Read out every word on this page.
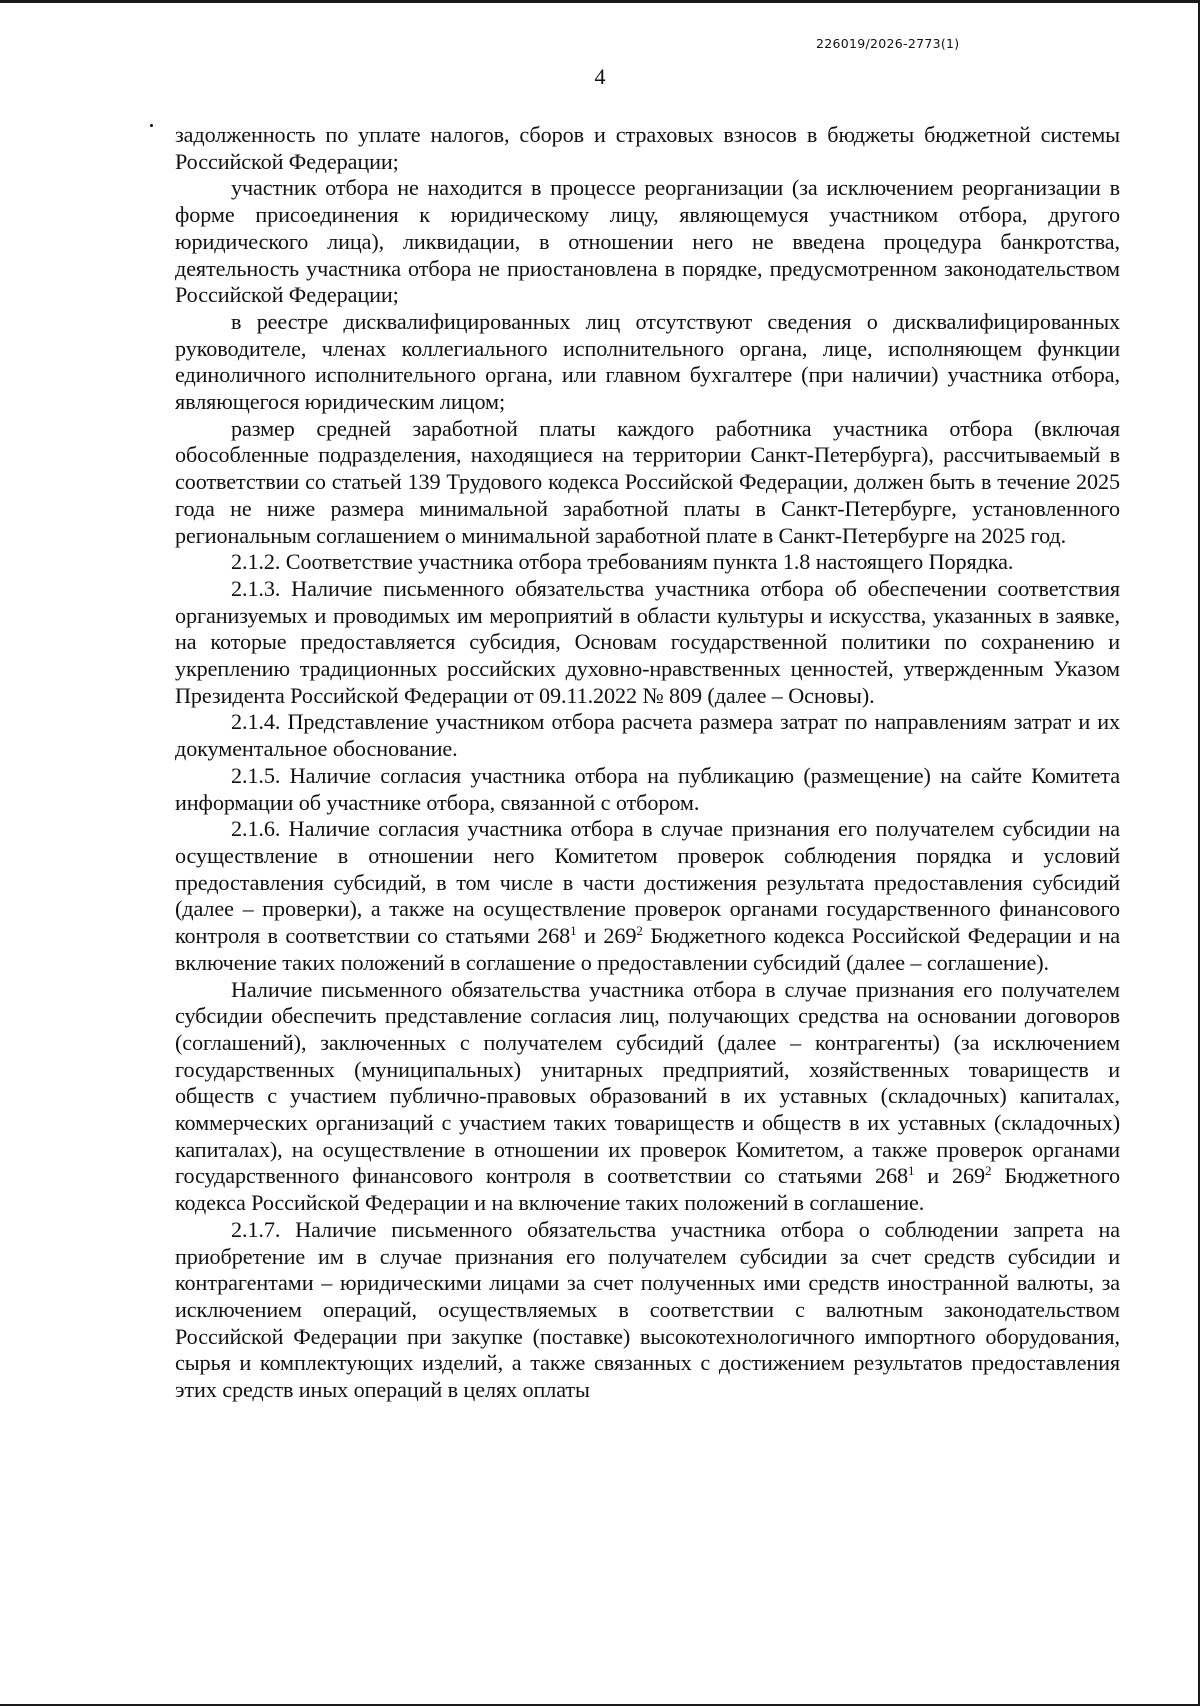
226019/2026-2773(1)
4

задолженность по уплате налогов, сборов и страховых взносов в бюджеты бюджетной системы Российской Федерации;

участник отбора не находится в процессе реорганизации (за исключением реорганизации в форме присоединения к юридическому лицу, являющемуся участником отбора, другого юридического лица), ликвидации, в отношении него не введена процедура банкротства, деятельность участника отбора не приостановлена в порядке, предусмотренном законодательством Российской Федерации;

в реестре дисквалифицированных лиц отсутствуют сведения о дисквалифицированных руководителе, членах коллегиального исполнительного органа, лице, исполняющем функции единоличного исполнительного органа, или главном бухгалтере (при наличии) участника отбора, являющегося юридическим лицом;

размер средней заработной платы каждого работника участника отбора (включая обособленные подразделения, находящиеся на территории Санкт-Петербурга), рассчитываемый в соответствии со статьей 139 Трудового кодекса Российской Федерации, должен быть в течение 2025 года не ниже размера минимальной заработной платы в Санкт-Петербурге, установленного региональным соглашением о минимальной заработной плате в Санкт-Петербурге на 2025 год.

2.1.2. Соответствие участника отбора требованиям пункта 1.8 настоящего Порядка.

2.1.3. Наличие письменного обязательства участника отбора об обеспечении соответствия организуемых и проводимых им мероприятий в области культуры и искусства, указанных в заявке, на которые предоставляется субсидия, Основам государственной политики по сохранению и укреплению традиционных российских духовно-нравственных ценностей, утвержденным Указом Президента Российской Федерации от 09.11.2022 № 809 (далее – Основы).

2.1.4. Представление участником отбора расчета размера затрат по направлениям затрат и их документальное обоснование.

2.1.5. Наличие согласия участника отбора на публикацию (размещение) на сайте Комитета информации об участнике отбора, связанной с отбором.

2.1.6. Наличие согласия участника отбора в случае признания его получателем субсидии на осуществление в отношении него Комитетом проверок соблюдения порядка и условий предоставления субсидий, в том числе в части достижения результата предоставления субсидий (далее – проверки), а также на осуществление проверок органами государственного финансового контроля в соответствии со статьями $268^1$ и $269^2$ Бюджетного кодекса Российской Федерации и на включение таких положений в соглашение о предоставлении субсидий (далее – соглашение).

Наличие письменного обязательства участника отбора в случае признания его получателем субсидии обеспечить представление согласия лиц, получающих средства на основании договоров (соглашений), заключенных с получателем субсидий (далее – контрагенты) (за исключением государственных (муниципальных) унитарных предприятий, хозяйственных товариществ и обществ с участием публично-правовых образований в их уставных (складочных) капиталах, коммерческих организаций с участием таких товариществ и обществ в их уставных (складочных) капиталах), на осуществление в отношении их проверок Комитетом, а также проверок органами государственного финансового контроля в соответствии со статьями $268^1$ и $269^2$ Бюджетного кодекса Российской Федерации и на включение таких положений в соглашение.

2.1.7. Наличие письменного обязательства участника отбора о соблюдении запрета на приобретение им в случае признания его получателем субсидии за счет средств субсидии и контрагентами – юридическими лицами за счет полученных ими средств иностранной валюты, за исключением операций, осуществляемых в соответствии с валютным законодательством Российской Федерации при закупке (поставке) высокотехнологичного импортного оборудования, сырья и комплектующих изделий, а также связанных с достижением результатов предоставления этих средств иных операций в целях оплаты
